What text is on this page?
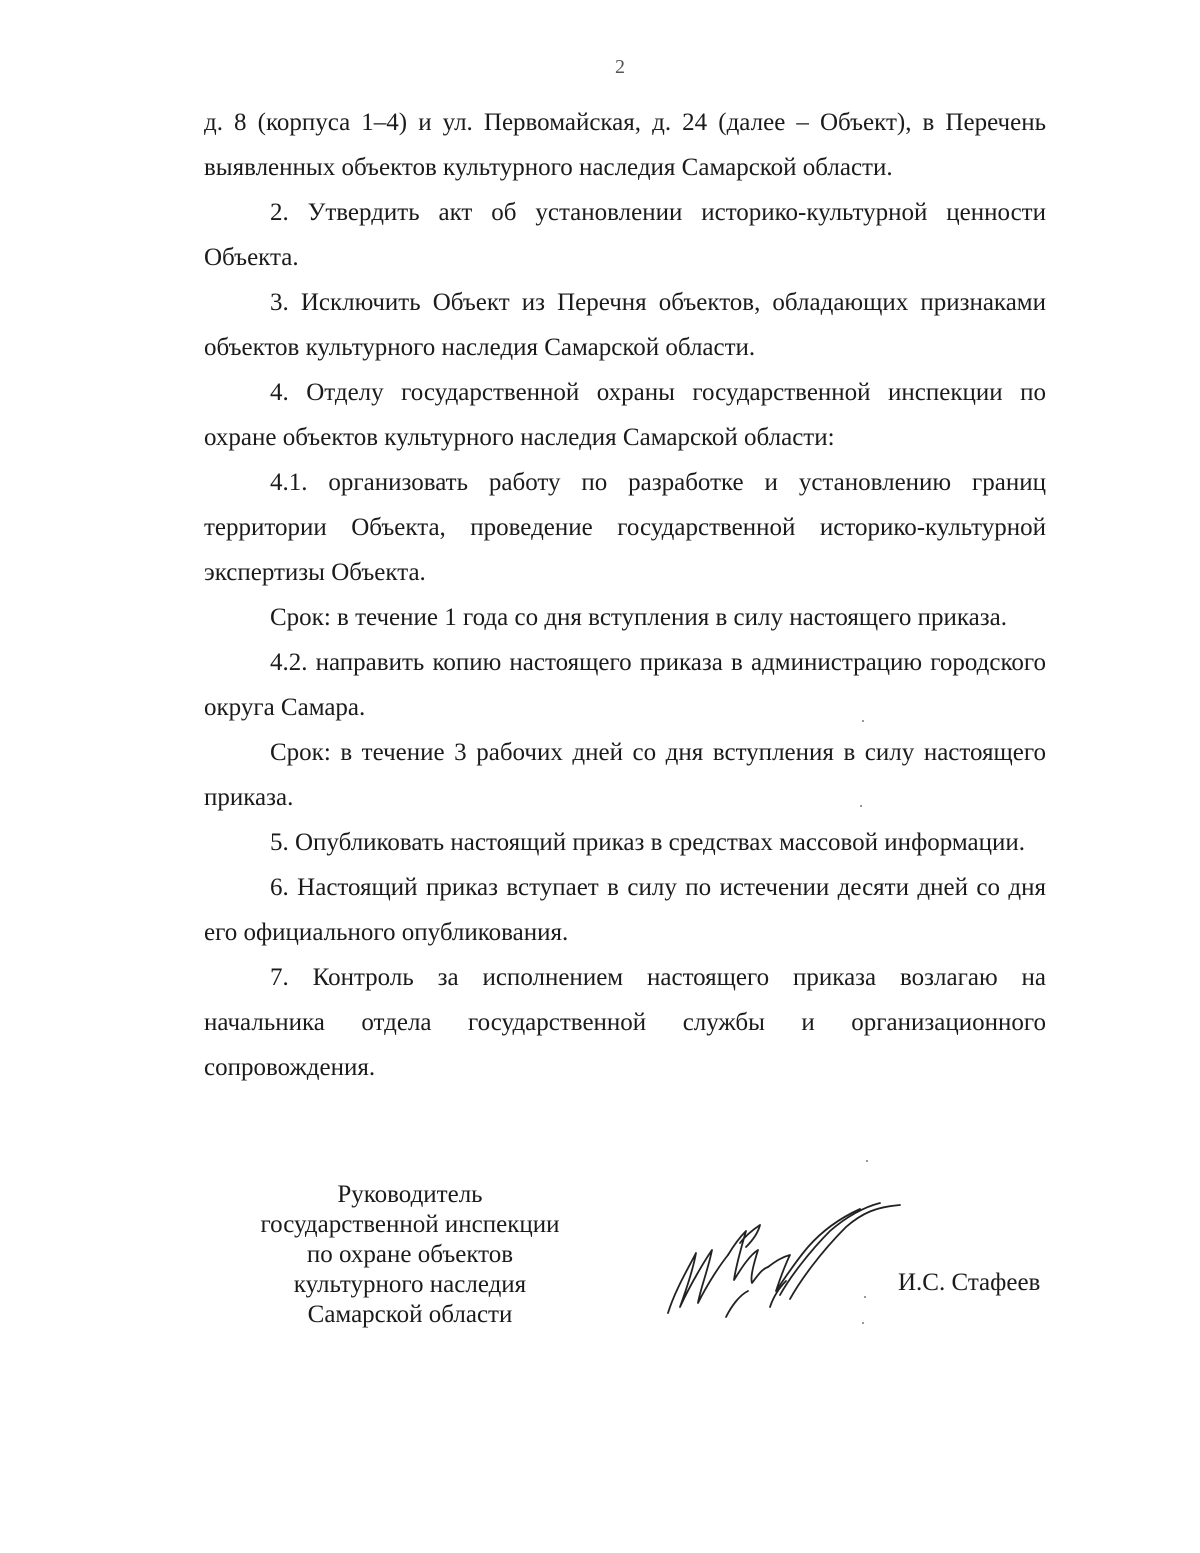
2

д. 8 (корпуса 1–4) и ул. Первомайская, д. 24 (далее – Объект), в Перечень выявленных объектов культурного наследия Самарской области.

2. Утвердить акт об установлении историко-культурной ценности Объекта.

3. Исключить Объект из Перечня объектов, обладающих признаками объектов культурного наследия Самарской области.

4. Отделу государственной охраны государственной инспекции по охране объектов культурного наследия Самарской области:

4.1. организовать работу по разработке и установлению границ территории Объекта, проведение государственной историко-культурной экспертизы Объекта.

Срок: в течение 1 года со дня вступления в силу настоящего приказа.

4.2. направить копию настоящего приказа в администрацию городского округа Самара.

Срок: в течение 3 рабочих дней со дня вступления в силу настоящего приказа.

5. Опубликовать настоящий приказ в средствах массовой информации.

6. Настоящий приказ вступает в силу по истечении десяти дней со дня его официального опубликования.

7. Контроль за исполнением настоящего приказа возлагаю на начальника отдела государственной службы и организационного сопровождения.

Руководитель
государственной инспекции
по охране объектов
культурного наследия
Самарской области
И.С. Стафеев
